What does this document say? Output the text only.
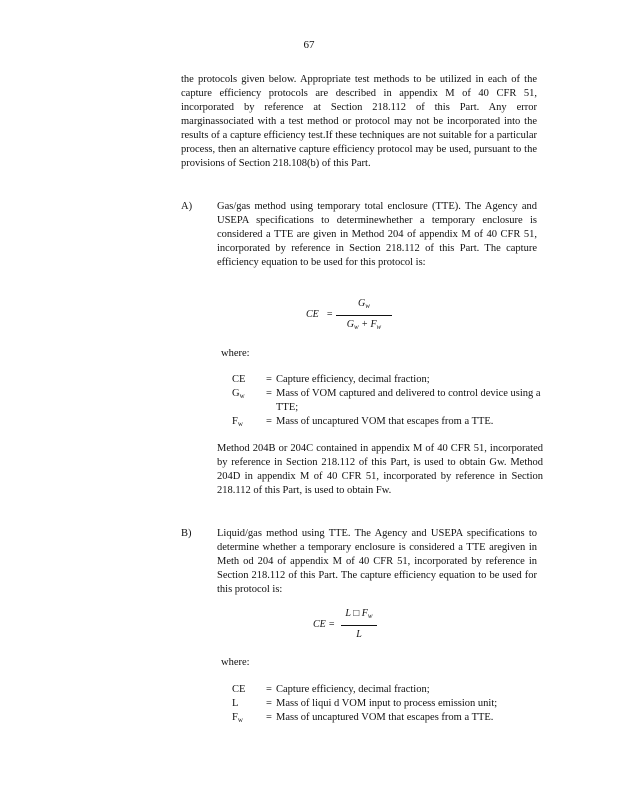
67
the protocols given below. Appropriate test methods to be utilized in each of the capture efficiency protocols are described in appendix M of 40 CFR 51, incorporated by reference at Section 218.112 of this Part. Any error marginassociated with a test method or protocol may not be incorporated into the results of a capture efficiency test.If these techniques are not suitable for a particular process, then an alternative capture efficiency protocol may be used, pursuant to the provisions of Section 218.108(b) of this Part.
A) Gas/gas method using temporary total enclosure (TTE). The Agency and USEPA specifications to determinewhether a temporary enclosure is considered a TTE are given in Method 204 of appendix M of 40 CFR 51, incorporated by reference in Section 218.112 of this Part. The capture efficiency equation to be used for this protocol is:
CE =
$G_w$
$G_w + F_w$
where:
CE	= Capture efficiency, decimal fraction;
$G_w$	= Mass of VOM captured and delivered to control device using a TTE;
$F_w$	= Mass of uncaptured VOM that escapes from a TTE.
Method 204B or 204C contained in appendix M of 40 CFR 51, incorporated by reference in Section 218.112 of this Part, is used to obtain Gw. Method 204D in appendix M of 40 CFR 51, incorporated by reference in Section 218.112 of this Part, is used to obtain Fw.
B) Liquid/gas method using TTE. The Agency and USEPA specifications to determine whether a temporary enclosure is considered a TTE aregiven in Meth od 204 of appendix M of 40 CFR 51, incorporated by reference in Section 218.112 of this Part. The capture efficiency equation to be used for this protocol is:
CE =
L □ $F_w$
L
where:
CE	= Capture efficiency, decimal fraction;
L	= Mass of liqui d VOM input to process emission unit;
$F_w$	= Mass of uncaptured VOM that escapes from a TTE.
